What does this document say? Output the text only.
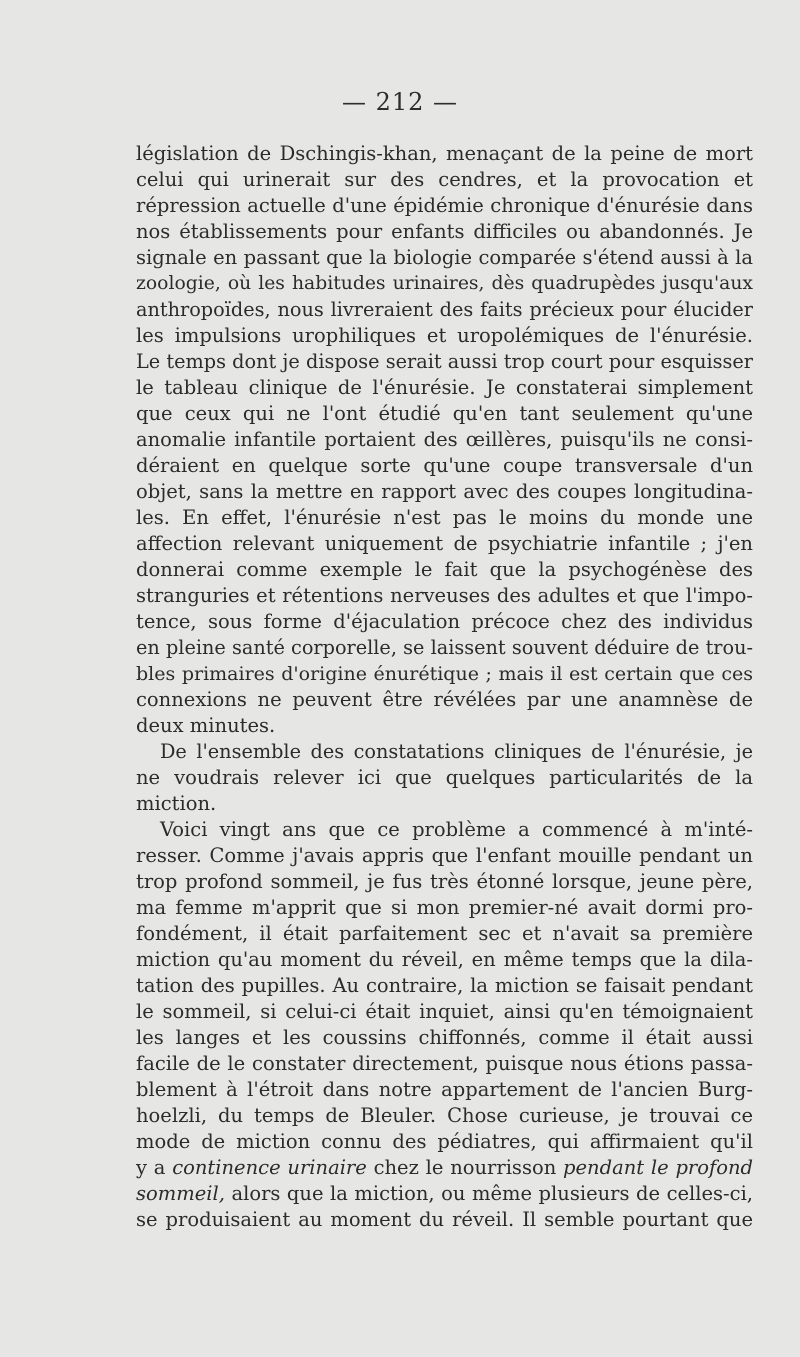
— 212 —
législation de Dschingis-khan, menaçant de la peine de mort
celui qui urinerait sur des cendres, et la provocation et
répression actuelle d'une épidémie chronique d'énurésie dans
nos établissements pour enfants difficiles ou abandonnés. Je
signale en passant que la biologie comparée s'étend aussi à la
zoologie, où les habitudes urinaires, dès quadrupèdes jusqu'aux
anthropoïdes, nous livreraient des faits précieux pour élucider
les impulsions urophiliques et uropolémiques de l'énurésie.
Le temps dont je dispose serait aussi trop court pour esquisser
le tableau clinique de l'énurésie. Je constaterai simplement
que ceux qui ne l'ont étudié qu'en tant seulement qu'une
anomalie infantile portaient des œillères, puisqu'ils ne consi-
déraient en quelque sorte qu'une coupe transversale d'un
objet, sans la mettre en rapport avec des coupes longitudina-
les. En effet, l'énurésie n'est pas le moins du monde une
affection relevant uniquement de psychiatrie infantile ; j'en
donnerai comme exemple le fait que la psychogénèse des
stranguries et rétentions nerveuses des adultes et que l'impo-
tence, sous forme d'éjaculation précoce chez des individus
en pleine santé corporelle, se laissent souvent déduire de trou-
bles primaires d'origine énurétique ; mais il est certain que ces
connexions ne peuvent être révélées par une anamnèse de
deux minutes.
De l'ensemble des constatations cliniques de l'énurésie, je
ne voudrais relever ici que quelques particularités de la
miction.
Voici vingt ans que ce problème a commencé à m'inté-
resser. Comme j'avais appris que l'enfant mouille pendant un
trop profond sommeil, je fus très étonné lorsque, jeune père,
ma femme m'apprit que si mon premier-né avait dormi pro-
fondément, il était parfaitement sec et n'avait sa première
miction qu'au moment du réveil, en même temps que la dila-
tation des pupilles. Au contraire, la miction se faisait pendant
le sommeil, si celui-ci était inquiet, ainsi qu'en témoignaient
les langes et les coussins chiffonnés, comme il était aussi
facile de le constater directement, puisque nous étions passa-
blement à l'étroit dans notre appartement de l'ancien Burg-
hoelzli, du temps de Bleuler. Chose curieuse, je trouvai ce
mode de miction connu des pédiatres, qui affirmaient qu'il
y a continence urinaire chez le nourrisson pendant le profond
sommeil, alors que la miction, ou même plusieurs de celles-ci,
se produisaient au moment du réveil. Il semble pourtant que
